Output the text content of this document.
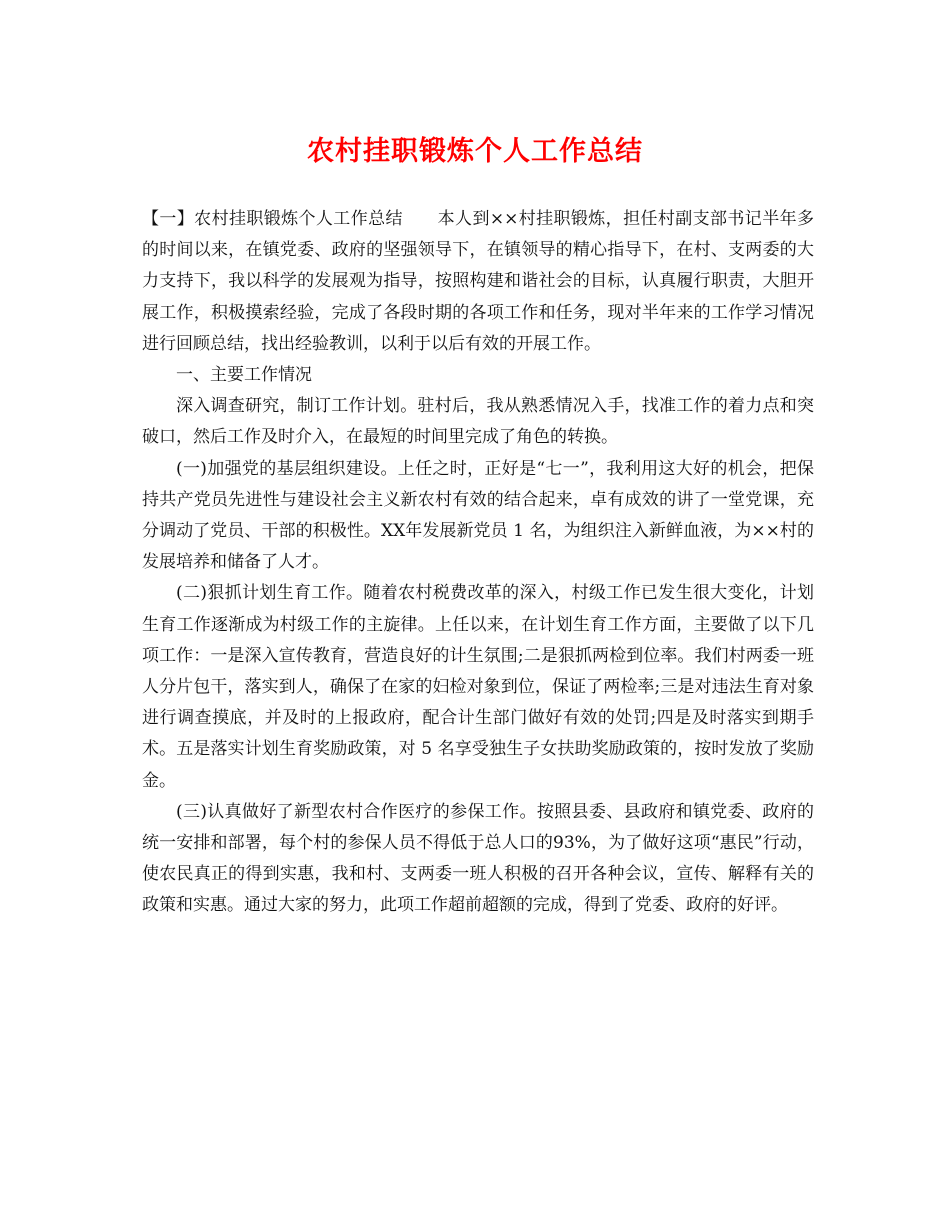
农村挂职锻炼个人工作总结

【一】农村挂职锻炼个人工作总结　　本人到××村挂职锻炼，担任村副支部书记半年多的时间以来，在镇党委、政府的坚强领导下，在镇领导的精心指导下，在村、支两委的大力支持下，我以科学的发展观为指导，按照构建和谐社会的目标，认真履行职责，大胆开展工作，积极摸索经验，完成了各段时期的各项工作和任务，现对半年来的工作学习情况进行回顾总结，找出经验教训，以利于以后有效的开展工作。

一、主要工作情况

深入调查研究，制订工作计划。驻村后，我从熟悉情况入手，找准工作的着力点和突破口，然后工作及时介入，在最短的时间里完成了角色的转换。

(一)加强党的基层组织建设。上任之时，正好是“七一”，我利用这大好的机会，把保持共产党员先进性与建设社会主义新农村有效的结合起来，卓有成效的讲了一堂党课，充分调动了党员、干部的积极性。XX年发展新党员 1 名，为组织注入新鲜血液，为××村的发展培养和储备了人才。

(二)狠抓计划生育工作。随着农村税费改革的深入，村级工作已发生很大变化，计划生育工作逐渐成为村级工作的主旋律。上任以来，在计划生育工作方面，主要做了以下几项工作：一是深入宣传教育，营造良好的计生氛围;二是狠抓两检到位率。我们村两委一班人分片包干，落实到人，确保了在家的妇检对象到位，保证了两检率;三是对违法生育对象进行调查摸底，并及时的上报政府，配合计生部门做好有效的处罚;四是及时落实到期手术。五是落实计划生育奖励政策，对 5 名享受独生子女扶助奖励政策的，按时发放了奖励金。

(三)认真做好了新型农村合作医疗的参保工作。按照县委、县政府和镇党委、政府的统一安排和部署，每个村的参保人员不得低于总人口的93%，为了做好这项“惠民”行动，使农民真正的得到实惠，我和村、支两委一班人积极的召开各种会议，宣传、解释有关的政策和实惠。通过大家的努力，此项工作超前超额的完成，得到了党委、政府的好评。
